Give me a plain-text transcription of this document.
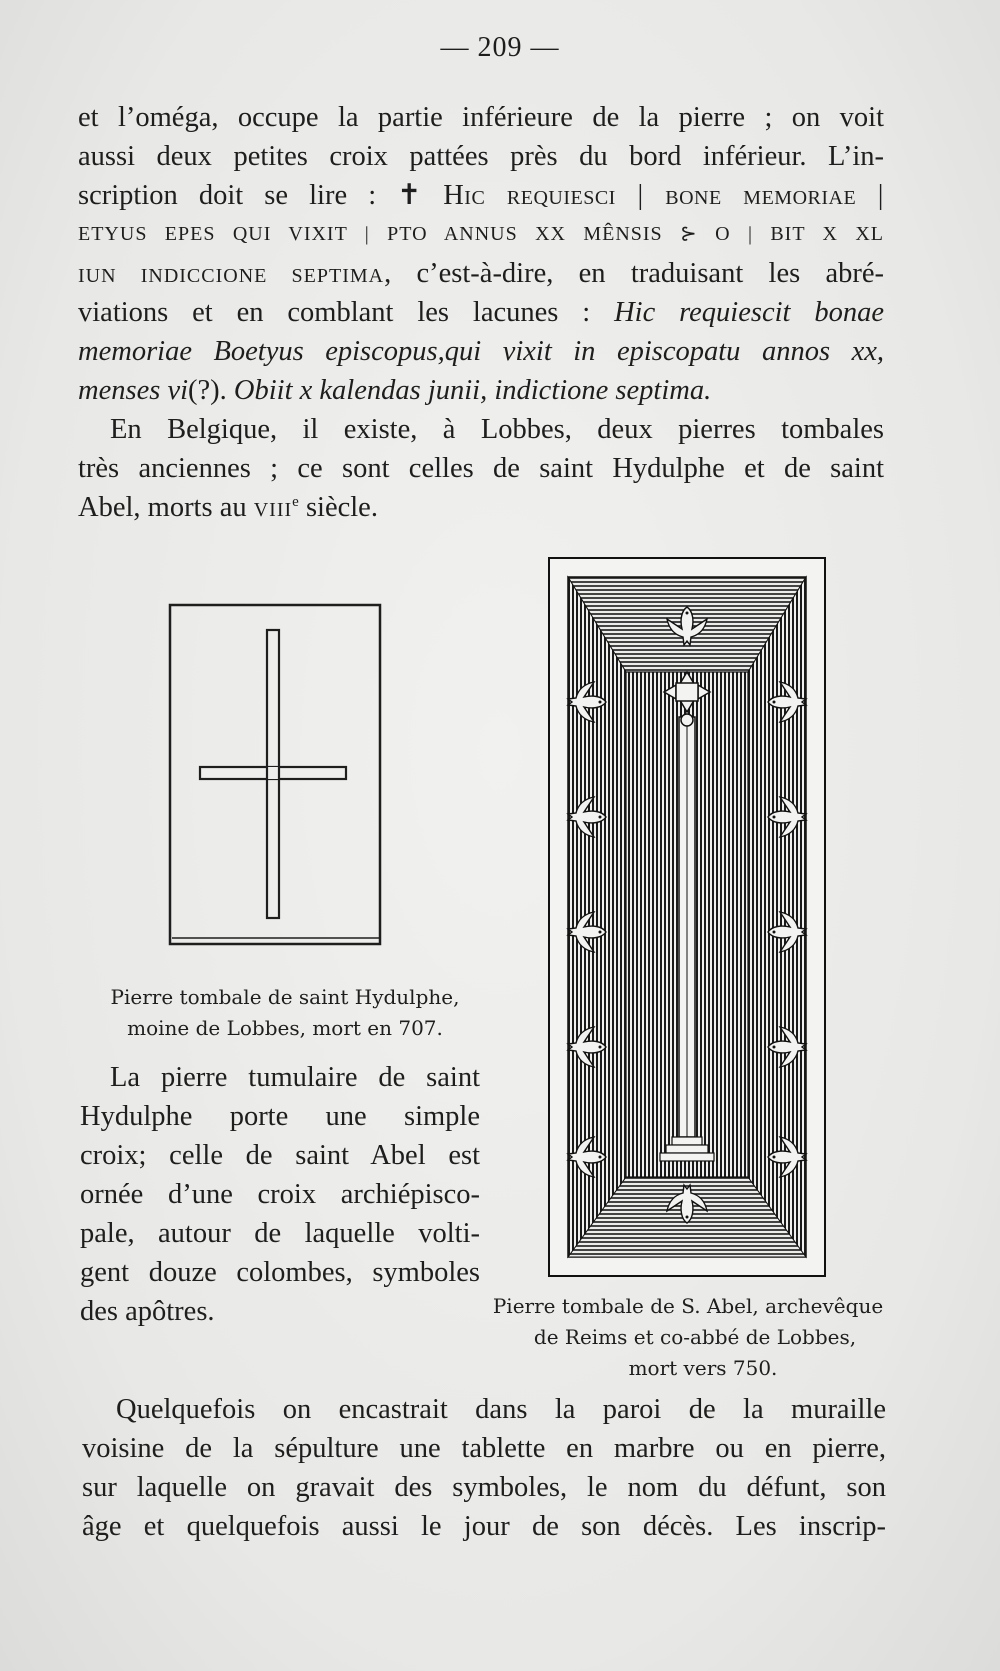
— 209 —
et l’oméga, occupe la partie inférieure de la pierre ; on voit
aussi deux petites croix pattées près du bord inférieur. L’in-
scription doit se lire : ✝ Hic requiesci | bone memoriae |
ETYUS EPES QUI VIXIT | PTO ANNUS XX MÊNSIS ⊱ O | BIT X XL
IUN INDICCIONE SEPTIMA, c’est-à-dire, en traduisant les abré-
viations et en comblant les lacunes : Hic requiescit bonae
memoriae Boetyus episcopus,qui vixit in episcopatu annos xx,
menses vi(?). Obiit x kalendas junii, indictione septima.
En Belgique, il existe, à Lobbes, deux pierres tombales
très anciennes ; ce sont celles de saint Hydulphe et de saint
Abel, morts au VIIIe siècle.
Pierre tombale de saint Hydulphe,
moine de Lobbes, mort en 707.
Pierre tombale de S. Abel, archevêque
de Reims et co-abbé de Lobbes,
mort vers 750.
La pierre tumulaire de saint
Hydulphe porte une simple
croix; celle de saint Abel est
ornée d’une croix archiépisco-
pale, autour de laquelle volti-
gent douze colombes, symboles
des apôtres.
Quelquefois on encastrait dans la paroi de la muraille
voisine de la sépulture une tablette en marbre ou en pierre,
sur laquelle on gravait des symboles, le nom du défunt, son
âge et quelquefois aussi le jour de son décès. Les inscrip-
